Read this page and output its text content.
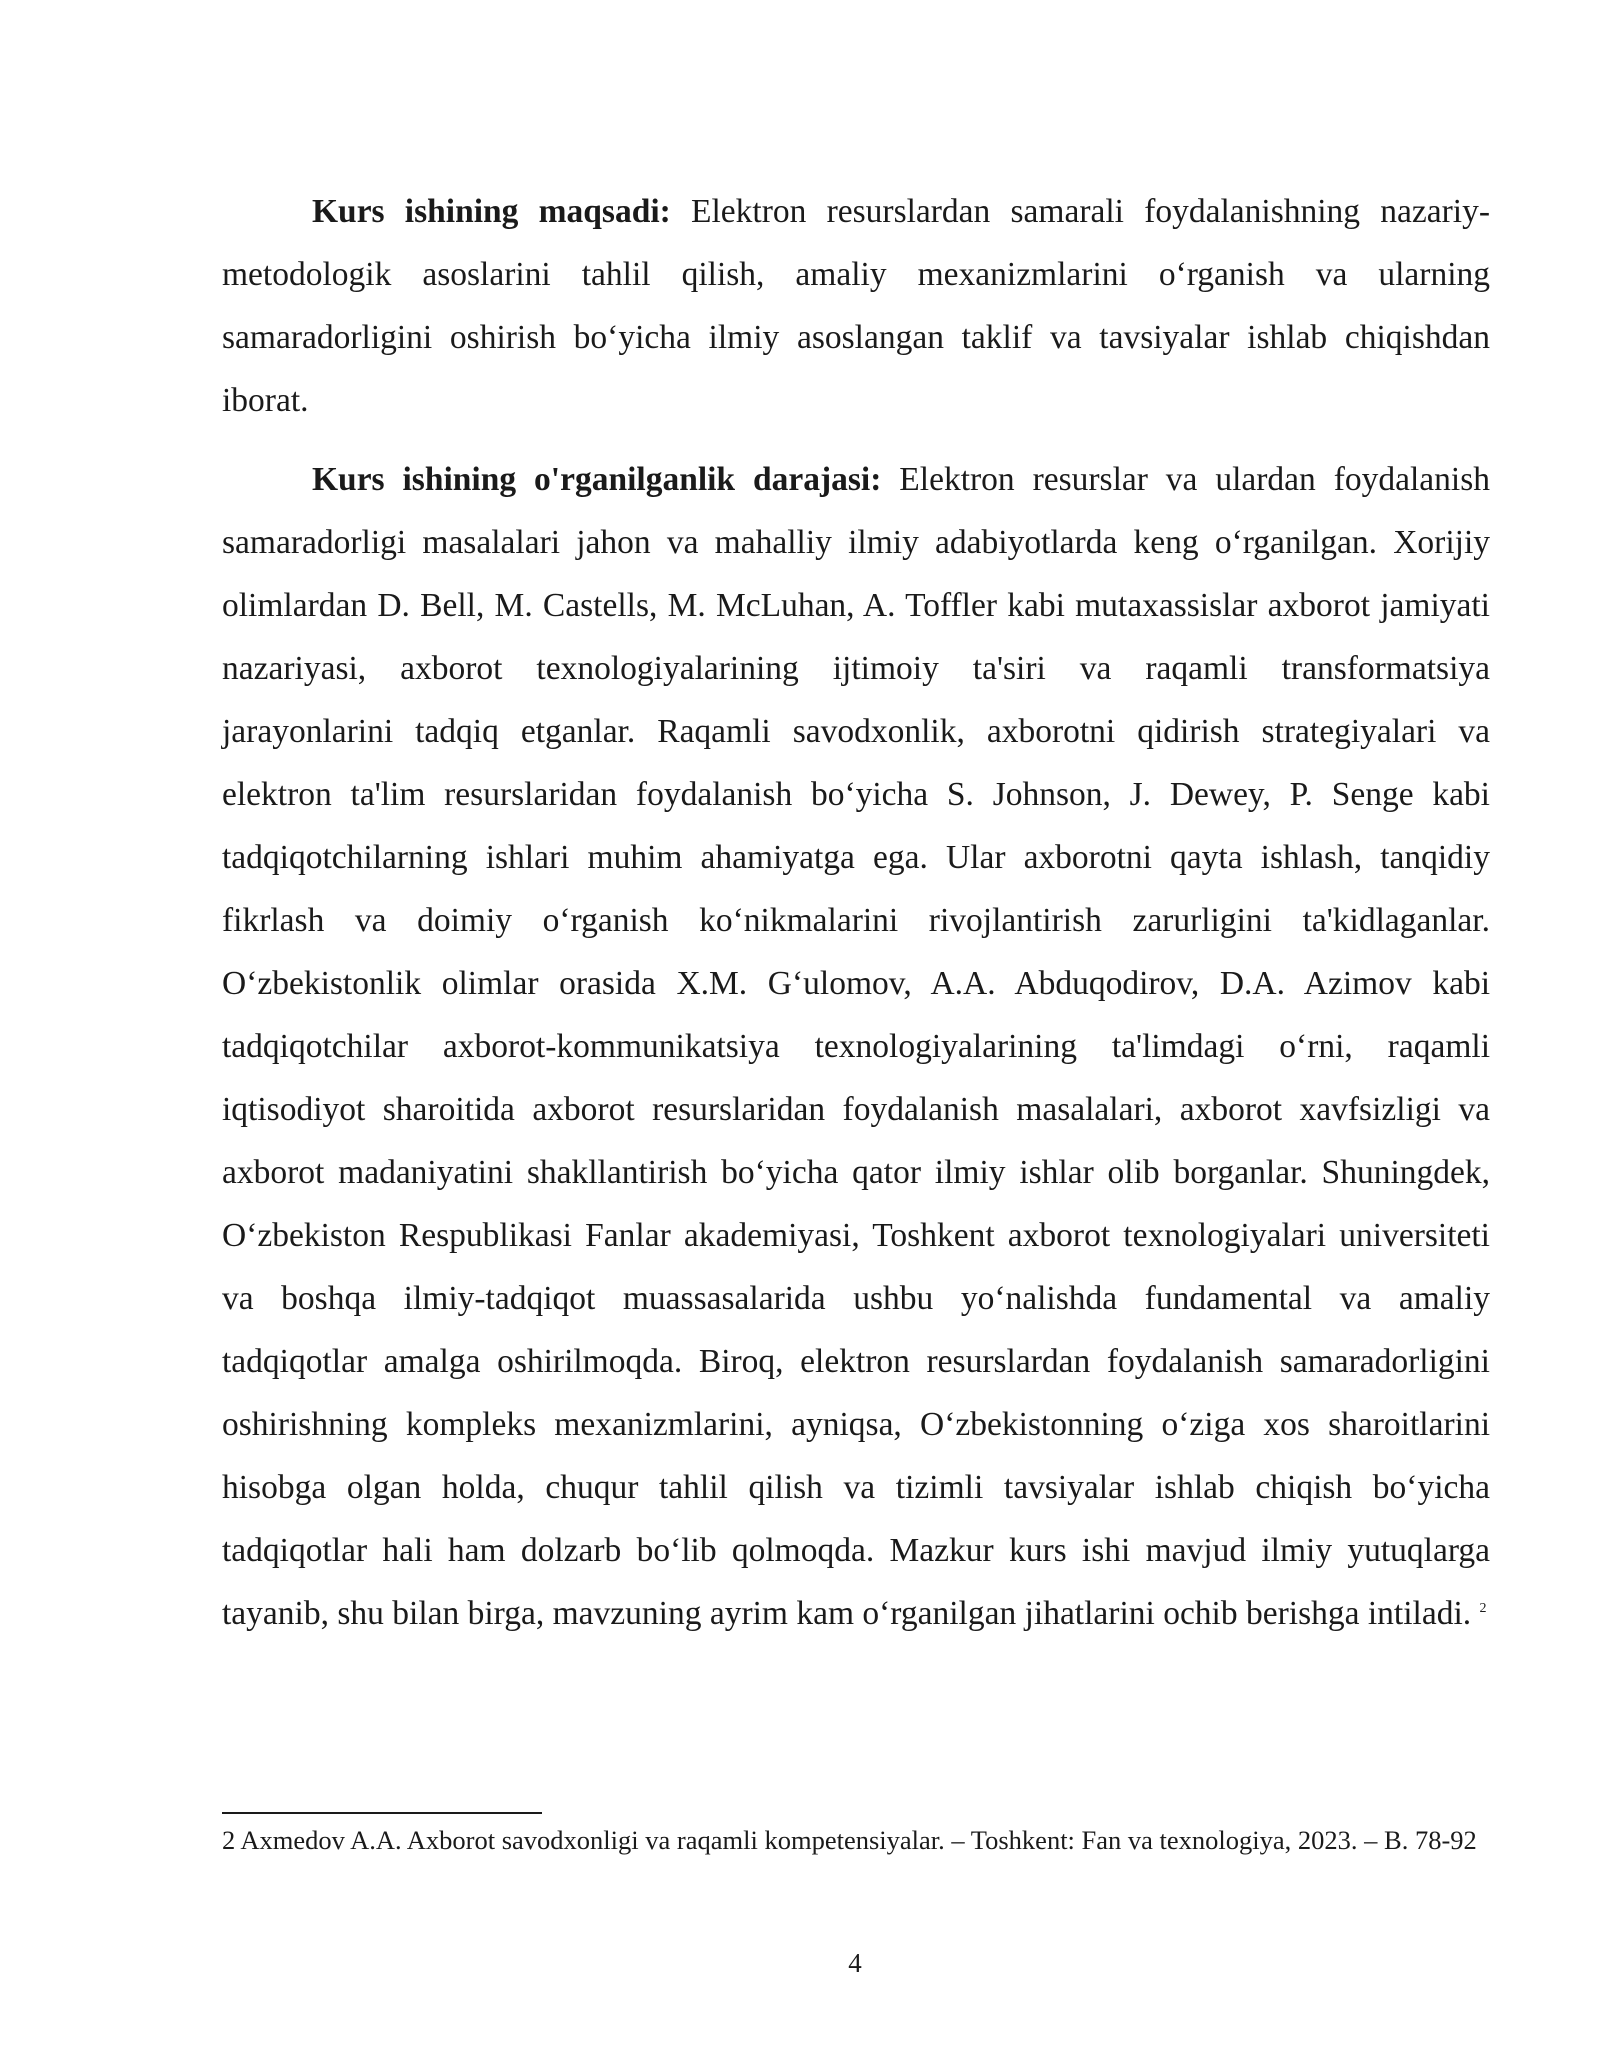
Kurs ishining maqsadi: Elektron resurslardan samarali foydalanishning nazariy-metodologik asoslarini tahlil qilish, amaliy mexanizmlarini o‘rganish va ularning samaradorligini oshirish bo‘yicha ilmiy asoslangan taklif va tavsiyalar ishlab chiqishdan iborat.

Kurs ishining o'rganilganlik darajasi: Elektron resurslar va ulardan foydalanish samaradorligi masalalari jahon va mahalliy ilmiy adabiyotlarda keng o‘rganilgan. Xorijiy olimlardan D. Bell, M. Castells, M. McLuhan, A. Toffler kabi mutaxassislar axborot jamiyati nazariyasi, axborot texnologiyalarining ijtimoiy ta'siri va raqamli transformatsiya jarayonlarini tadqiq etganlar. Raqamli savodxonlik, axborotni qidirish strategiyalari va elektron ta'lim resurslaridan foydalanish bo‘yicha S. Johnson, J. Dewey, P. Senge kabi tadqiqotchilarning ishlari muhim ahamiyatga ega. Ular axborotni qayta ishlash, tanqidiy fikrlash va doimiy o‘rganish ko‘nikmalarini rivojlantirish zarurligini ta'kidlaganlar. O‘zbekistonlik olimlar orasida X.M. G‘ulomov, A.A. Abduqodirov, D.A. Azimov kabi tadqiqotchilar axborot-kommunikatsiya texnologiyalarining ta'limdagi o‘rni, raqamli iqtisodiyot sharoitida axborot resurslaridan foydalanish masalalari, axborot xavfsizligi va axborot madaniyatini shakllantirish bo‘yicha qator ilmiy ishlar olib borganlar. Shuningdek, O‘zbekiston Respublikasi Fanlar akademiyasi, Toshkent axborot texnologiyalari universiteti va boshqa ilmiy-tadqiqot muassasalarida ushbu yo‘nalishda fundamental va amaliy tadqiqotlar amalga oshirilmoqda. Biroq, elektron resurslardan foydalanish samaradorligini oshirishning kompleks mexanizmlarini, ayniqsa, O‘zbekistonning o‘ziga xos sharoitlarini hisobga olgan holda, chuqur tahlil qilish va tizimli tavsiyalar ishlab chiqish bo‘yicha tadqiqotlar hali ham dolzarb bo‘lib qolmoqda. Mazkur kurs ishi mavjud ilmiy yutuqlarga tayanib, shu bilan birga, mavzuning ayrim kam o‘rganilgan jihatlarini ochib berishga intiladi. $^2$

2 Axmedov A.A. Axborot savodxonligi va raqamli kompetensiyalar. – Toshkent: Fan va texnologiya, 2023. – B. 78-92

4
